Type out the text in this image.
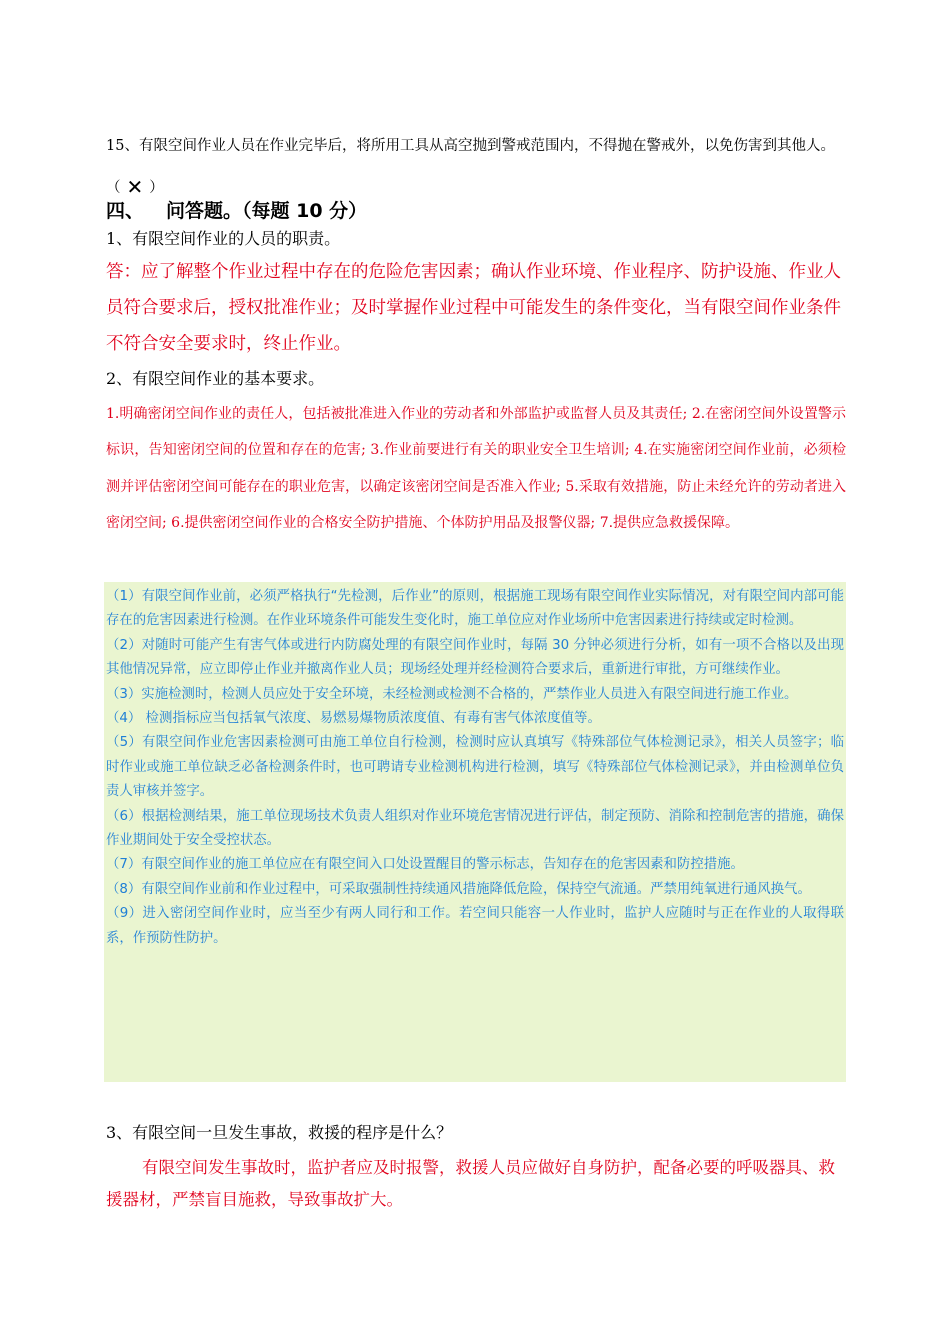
15、有限空间作业人员在作业完毕后，将所用工具从高空抛到警戒范围内，不得抛在警戒外，以免伤害到其他人。（ ✕ ）
四、 问答题。（每题 10 分）
1、有限空间作业的人员的职责。
答：应了解整个作业过程中存在的危险危害因素；确认作业环境、作业程序、防护设施、作业人员符合要求后，授权批准作业；及时掌握作业过程中可能发生的条件变化，当有限空间作业条件不符合安全要求时，终止作业。
2、有限空间作业的基本要求。
1.明确密闭空间作业的责任人，包括被批准进入作业的劳动者和外部监护或监督人员及其责任; 2.在密闭空间外设置警示标识，告知密闭空间的位置和存在的危害; 3.作业前要进行有关的职业安全卫生培训; 4.在实施密闭空间作业前，必须检测并评估密闭空间可能存在的职业危害，以确定该密闭空间是否准入作业; 5.采取有效措施，防止未经允许的劳动者进入密闭空间; 6.提供密闭空间作业的合格安全防护措施、个体防护用品及报警仪器; 7.提供应急救援保障。

（1）有限空间作业前，必须严格执行“先检测，后作业”的原则，根据施工现场有限空间作业实际情况，对有限空间内部可能存在的危害因素进行检测。在作业环境条件可能发生变化时，施工单位应对作业场所中危害因素进行持续或定时检测。

（2）对随时可能产生有害气体或进行内防腐处理的有限空间作业时，每隔 30 分钟必须进行分析，如有一项不合格以及出现其他情况异常，应立即停止作业并撤离作业人员；现场经处理并经检测符合要求后，重新进行审批，方可继续作业。

（3）实施检测时，检测人员应处于安全环境，未经检测或检测不合格的，严禁作业人员进入有限空间进行施工作业。

（4） 检测指标应当包括氧气浓度、易燃易爆物质浓度值、有毒有害气体浓度值等。

（5）有限空间作业危害因素检测可由施工单位自行检测，检测时应认真填写《特殊部位气体检测记录》，相关人员签字；临时作业或施工单位缺乏必备检测条件时，也可聘请专业检测机构进行检测，填写《特殊部位气体检测记录》，并由检测单位负责人审核并签字。

（6）根据检测结果，施工单位现场技术负责人组织对作业环境危害情况进行评估，制定预防、消除和控制危害的措施，确保作业期间处于安全受控状态。

（7）有限空间作业的施工单位应在有限空间入口处设置醒目的警示标志，告知存在的危害因素和防控措施。

（8）有限空间作业前和作业过程中，可采取强制性持续通风措施降低危险，保持空气流通。严禁用纯氧进行通风换气。

（9）进入密闭空间作业时，应当至少有两人同行和工作。若空间只能容一人作业时，监护人应随时与正在作业的人取得联系，作预防性防护。

3、有限空间一旦发生事故，救援的程序是什么？
有限空间发生事故时，监护者应及时报警，救援人员应做好自身防护，配备必要的呼吸器具、救援器材，严禁盲目施救，导致事故扩大。
